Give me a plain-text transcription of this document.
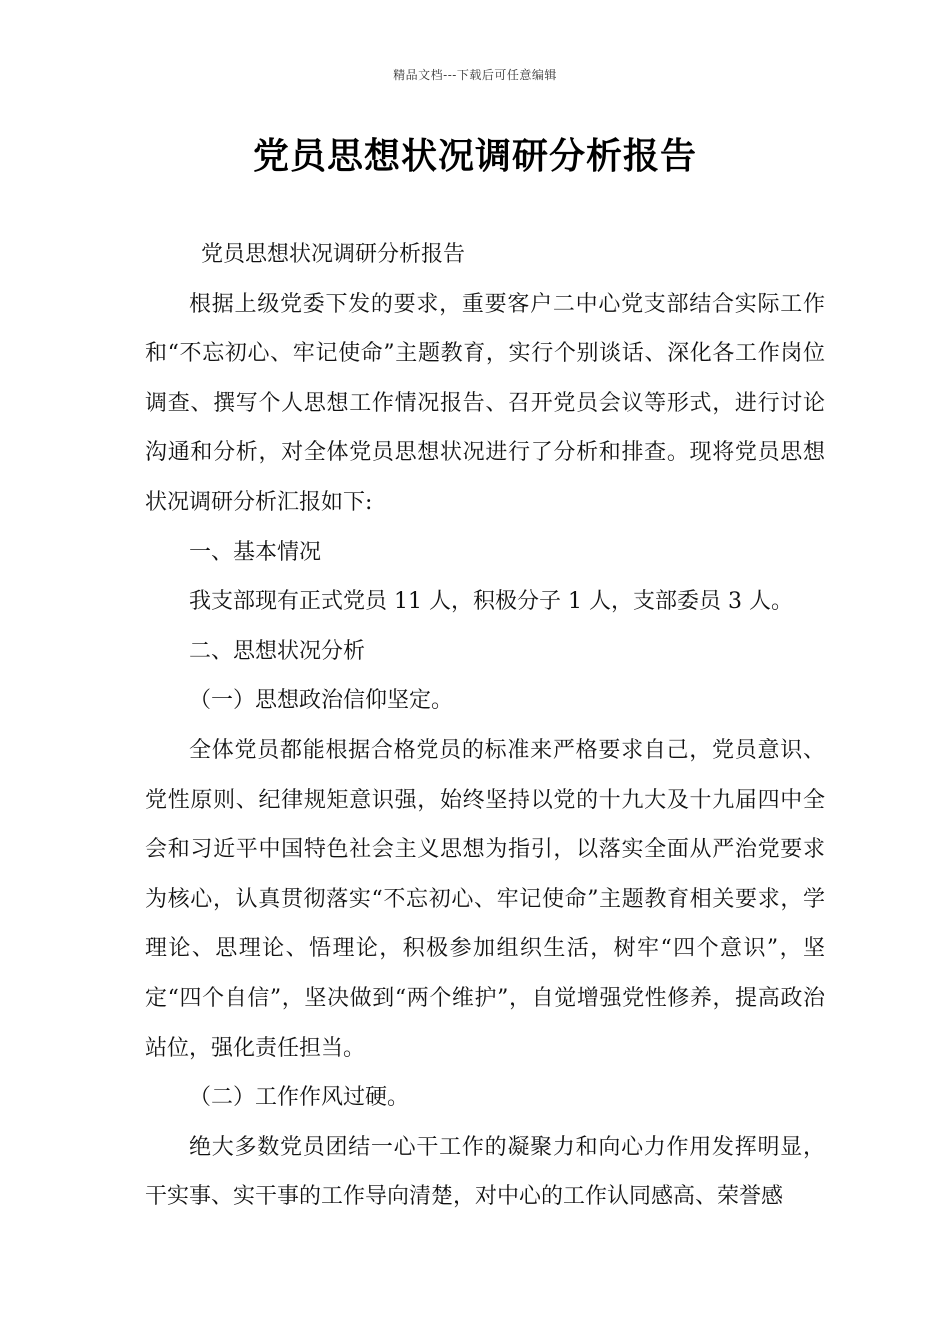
精品文档---下载后可任意编辑
党员思想状况调研分析报告

党员思想状况调研分析报告

根据上级党委下发的要求，重要客户二中心党支部结合实际工作和“不忘初心、牢记使命”主题教育，实行个别谈话、深化各工作岗位调查、撰写个人思想工作情况报告、召开党员会议等形式，进行讨论沟通和分析，对全体党员思想状况进行了分析和排查。现将党员思想状况调研分析汇报如下:

一、基本情况

我支部现有正式党员 11 人，积极分子 1 人，支部委员 3 人。

二、思想状况分析

（一）思想政治信仰坚定。

全体党员都能根据合格党员的标准来严格要求自己，党员意识、党性原则、纪律规矩意识强，始终坚持以党的十九大及十九届四中全会和习近平中国特色社会主义思想为指引，以落实全面从严治党要求为核心，认真贯彻落实“不忘初心、牢记使命”主题教育相关要求，学理论、思理论、悟理论，积极参加组织生活，树牢“四个意识”，坚定“四个自信”，坚决做到“两个维护”，自觉增强党性修养，提高政治站位，强化责任担当。

（二）工作作风过硬。

绝大多数党员团结一心干工作的凝聚力和向心力作用发挥明显，干实事、实干事的工作导向清楚，对中心的工作认同感高、荣誉感
